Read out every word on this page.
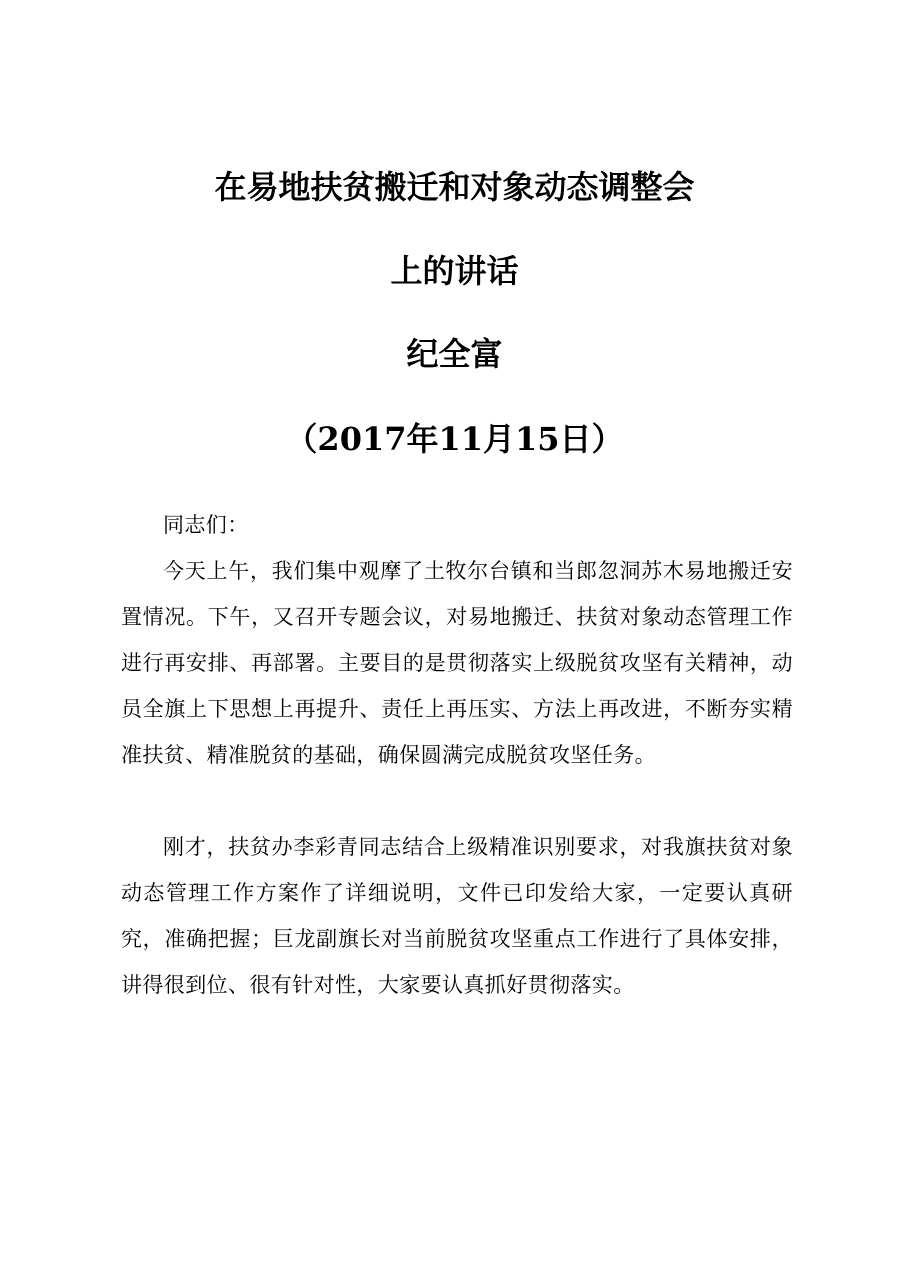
在易地扶贫搬迁和对象动态调整会
上的讲话
纪全富
（2017年11月15日）

同志们：

今天上午，我们集中观摩了土牧尔台镇和当郎忽洞苏木易地搬迁安置情况。下午，又召开专题会议，对易地搬迁、扶贫对象动态管理工作进行再安排、再部署。主要目的是贯彻落实上级脱贫攻坚有关精神，动员全旗上下思想上再提升、责任上再压实、方法上再改进，不断夯实精准扶贫、精准脱贫的基础，确保圆满完成脱贫攻坚任务。

刚才，扶贫办李彩青同志结合上级精准识别要求，对我旗扶贫对象动态管理工作方案作了详细说明，文件已印发给大家，一定要认真研究，准确把握；巨龙副旗长对当前脱贫攻坚重点工作进行了具体安排，讲得很到位、很有针对性，大家要认真抓好贯彻落实。
